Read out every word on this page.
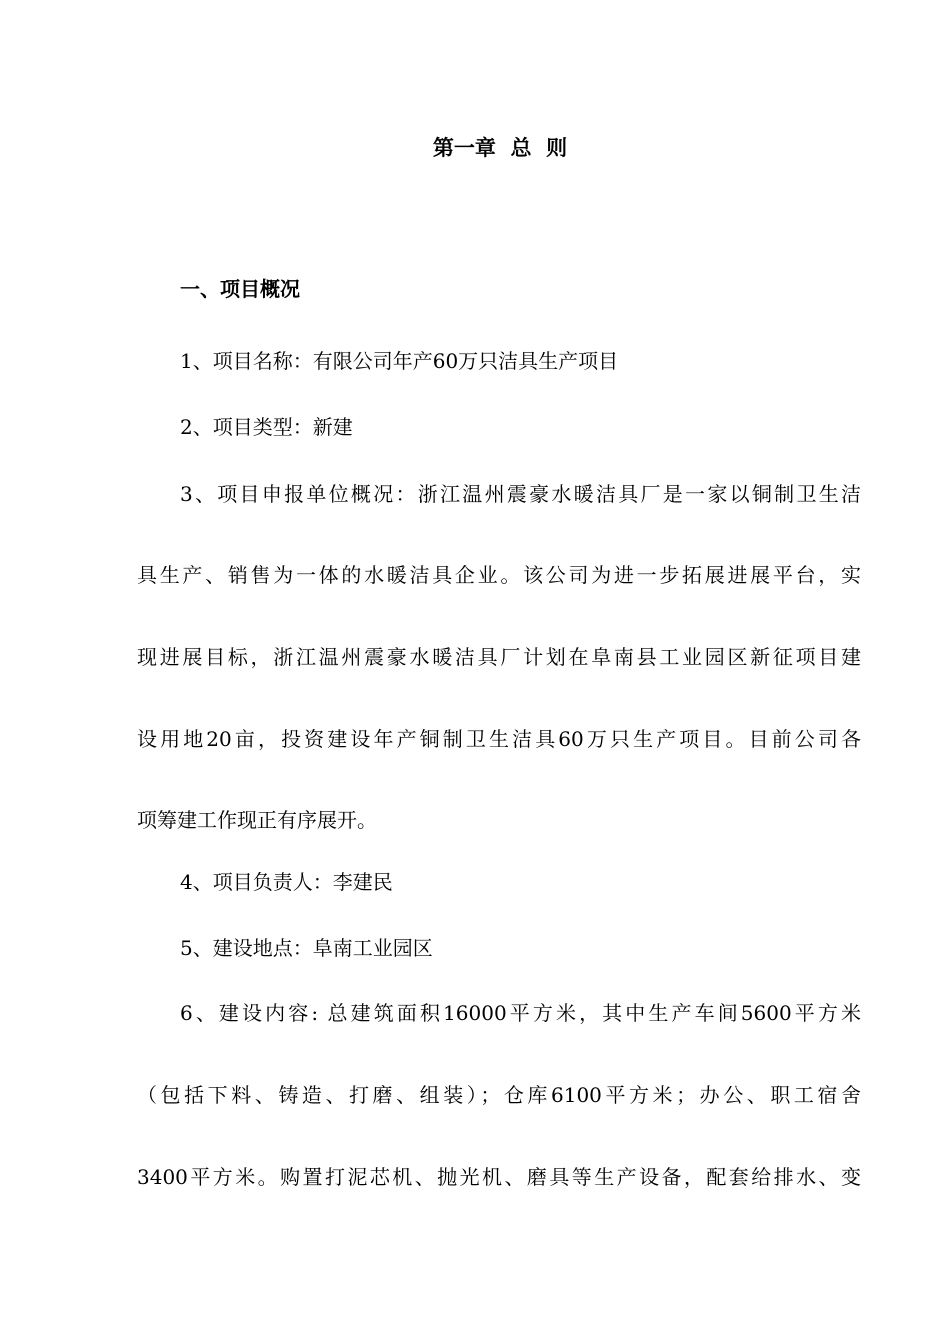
第一章  总  则
一、项目概况
1、项目名称：有限公司年产60万只洁具生产项目
2、项目类型：新建
3、项目申报单位概况：浙江温州震豪水暖洁具厂是一家以铜制卫生洁
具生产、销售为一体的水暖洁具企业。该公司为进一步拓展进展平台，实
现进展目标，浙江温州震豪水暖洁具厂计划在阜南县工业园区新征项目建
设用地20亩，投资建设年产铜制卫生洁具60万只生产项目。目前公司各
项筹建工作现正有序展开。
4、项目负责人：李建民
5、建设地点：阜南工业园区
6、建设内容: 总建筑面积16000平方米，其中生产车间5600平方米
（包括下料、铸造、打磨、组装）；仓库6100平方米；办公、职工宿舍
3400平方米。购置打泥芯机、抛光机、磨具等生产设备，配套给排水、变
